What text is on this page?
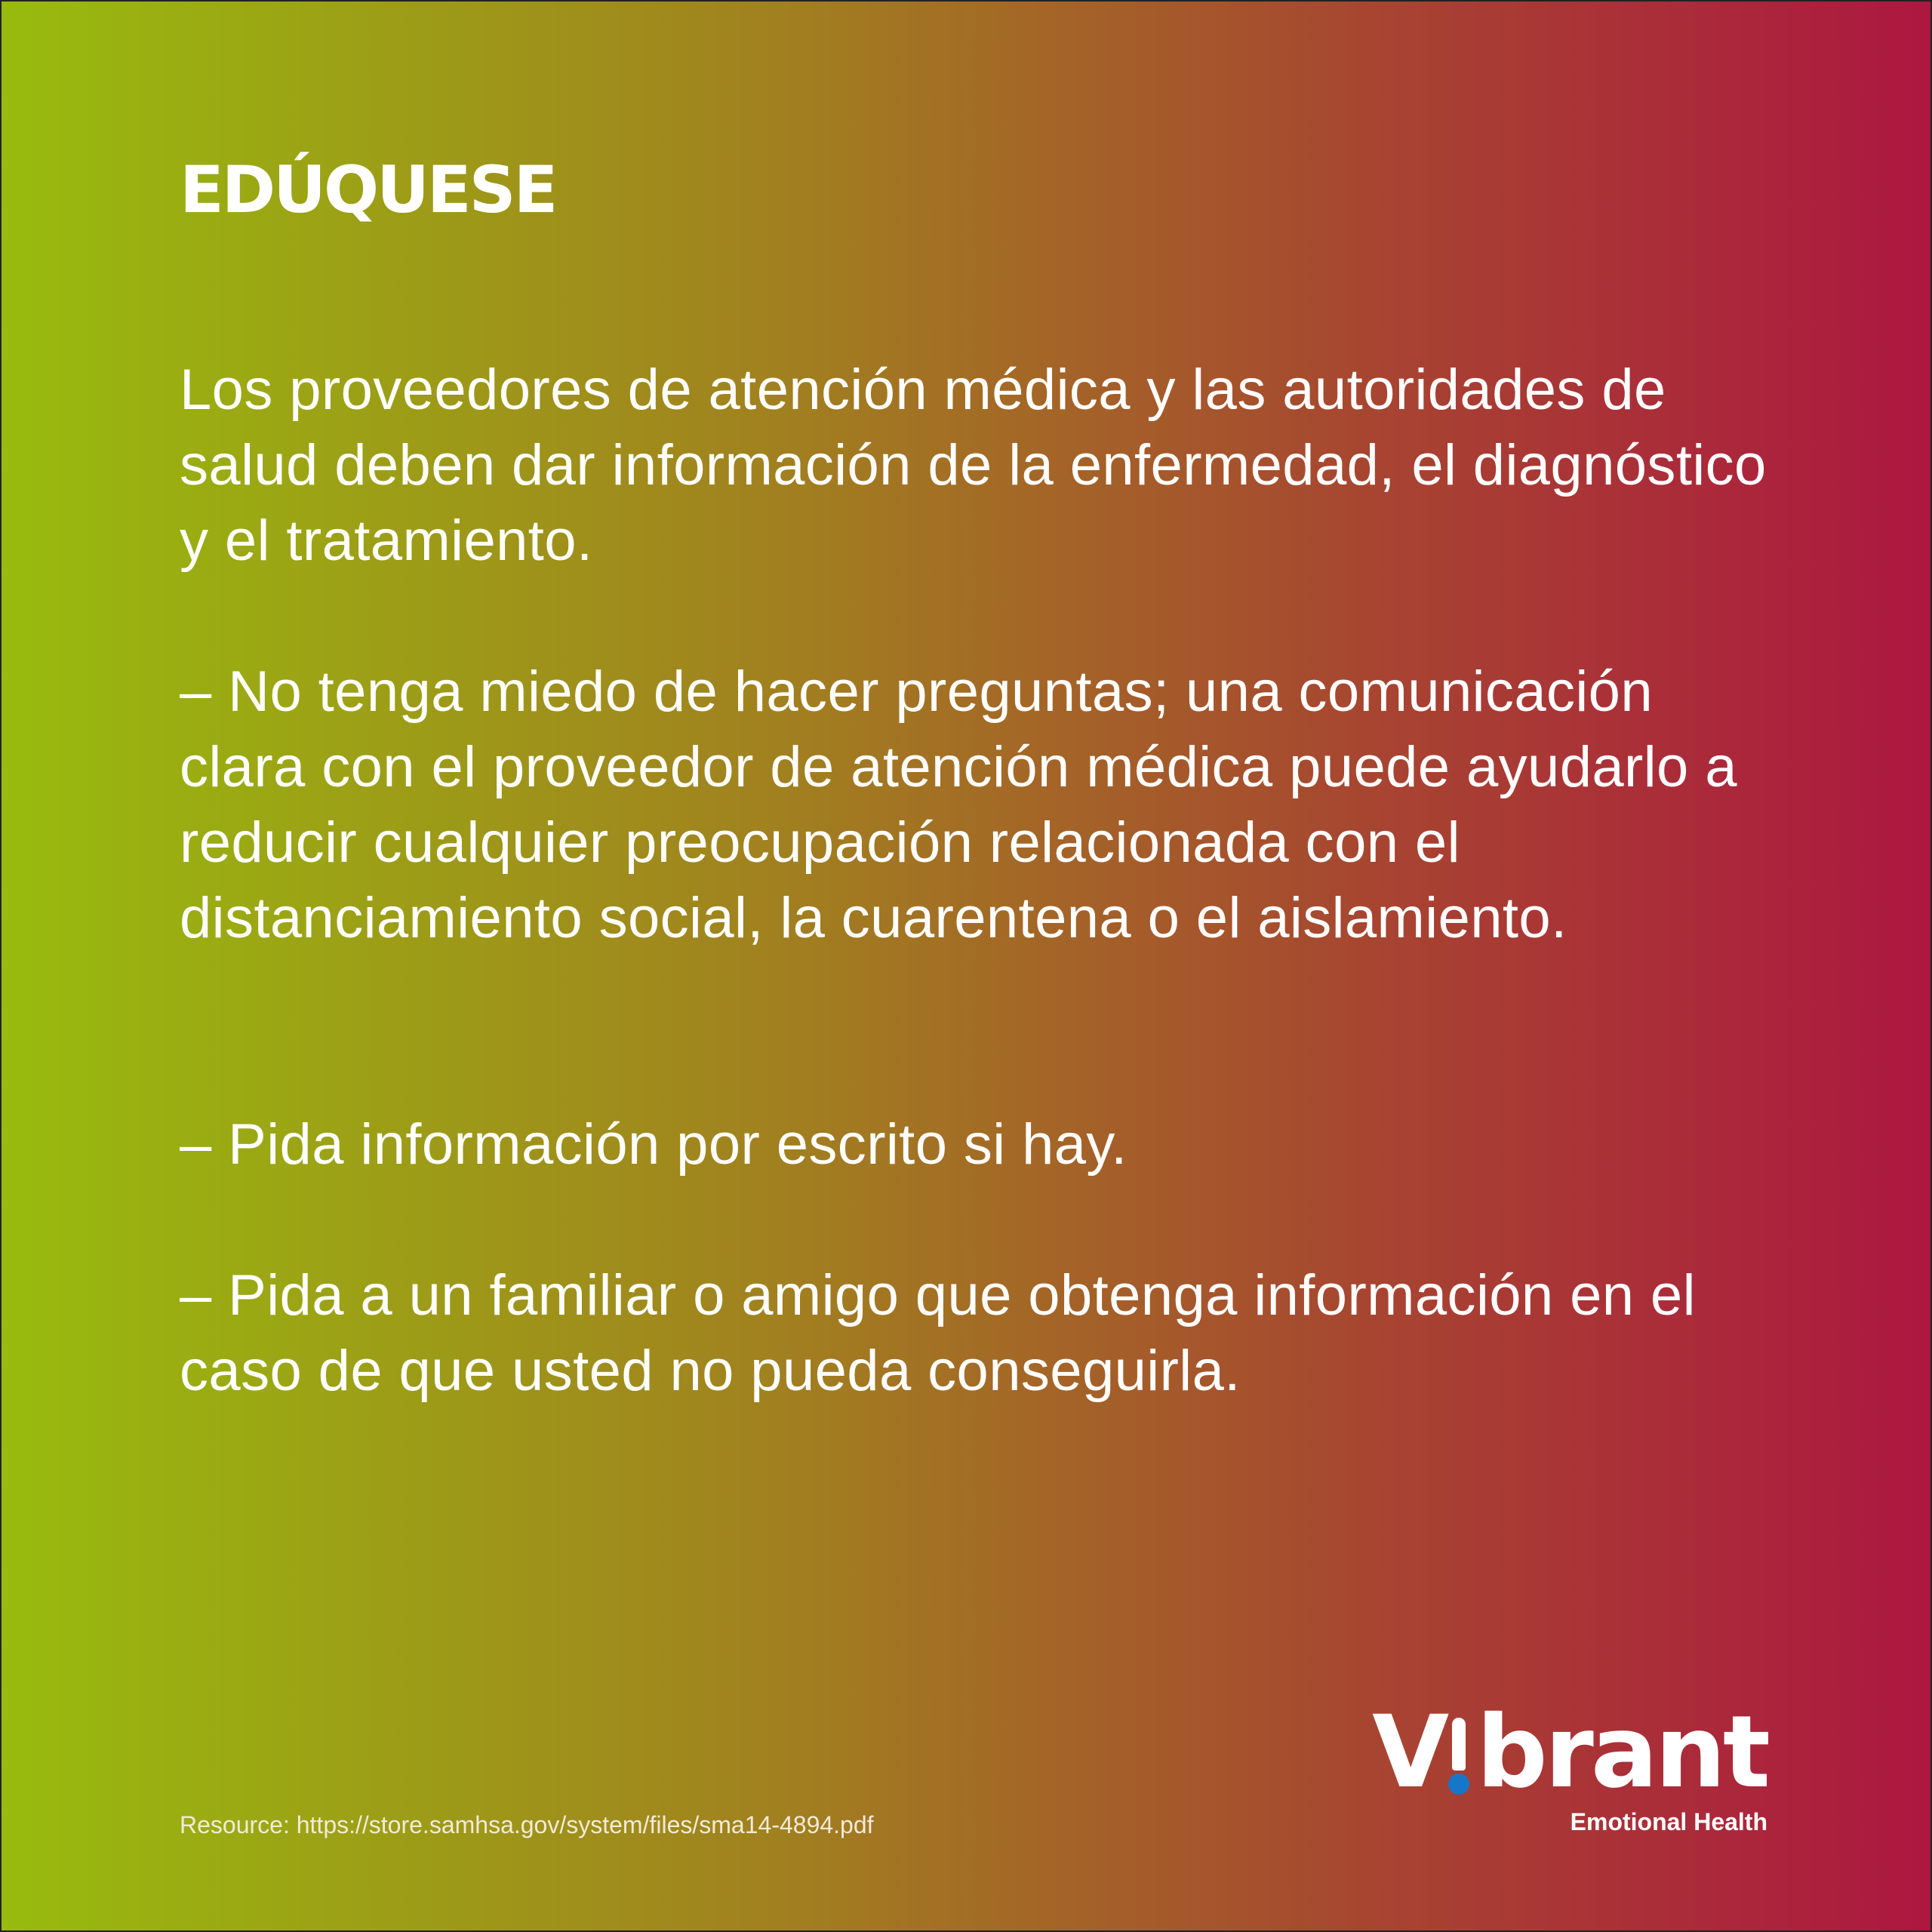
EDÚQUESE

Los proveedores de atención médica y las autoridades de salud deben dar información de la enfermedad, el diagnóstico y el tratamiento.

– No tenga miedo de hacer preguntas; una comunicación clara con el proveedor de atención médica puede ayudarlo a reducir cualquier preocupación relacionada con el distanciamiento social, la cuarentena o el aislamiento.

– Pida información por escrito si hay.

– Pida a un familiar o amigo que obtenga información en el caso de que usted no pueda conseguirla.

Resource: https://store.samhsa.gov/system/files/sma14-4894.pdf

V brant
Emotional Health
